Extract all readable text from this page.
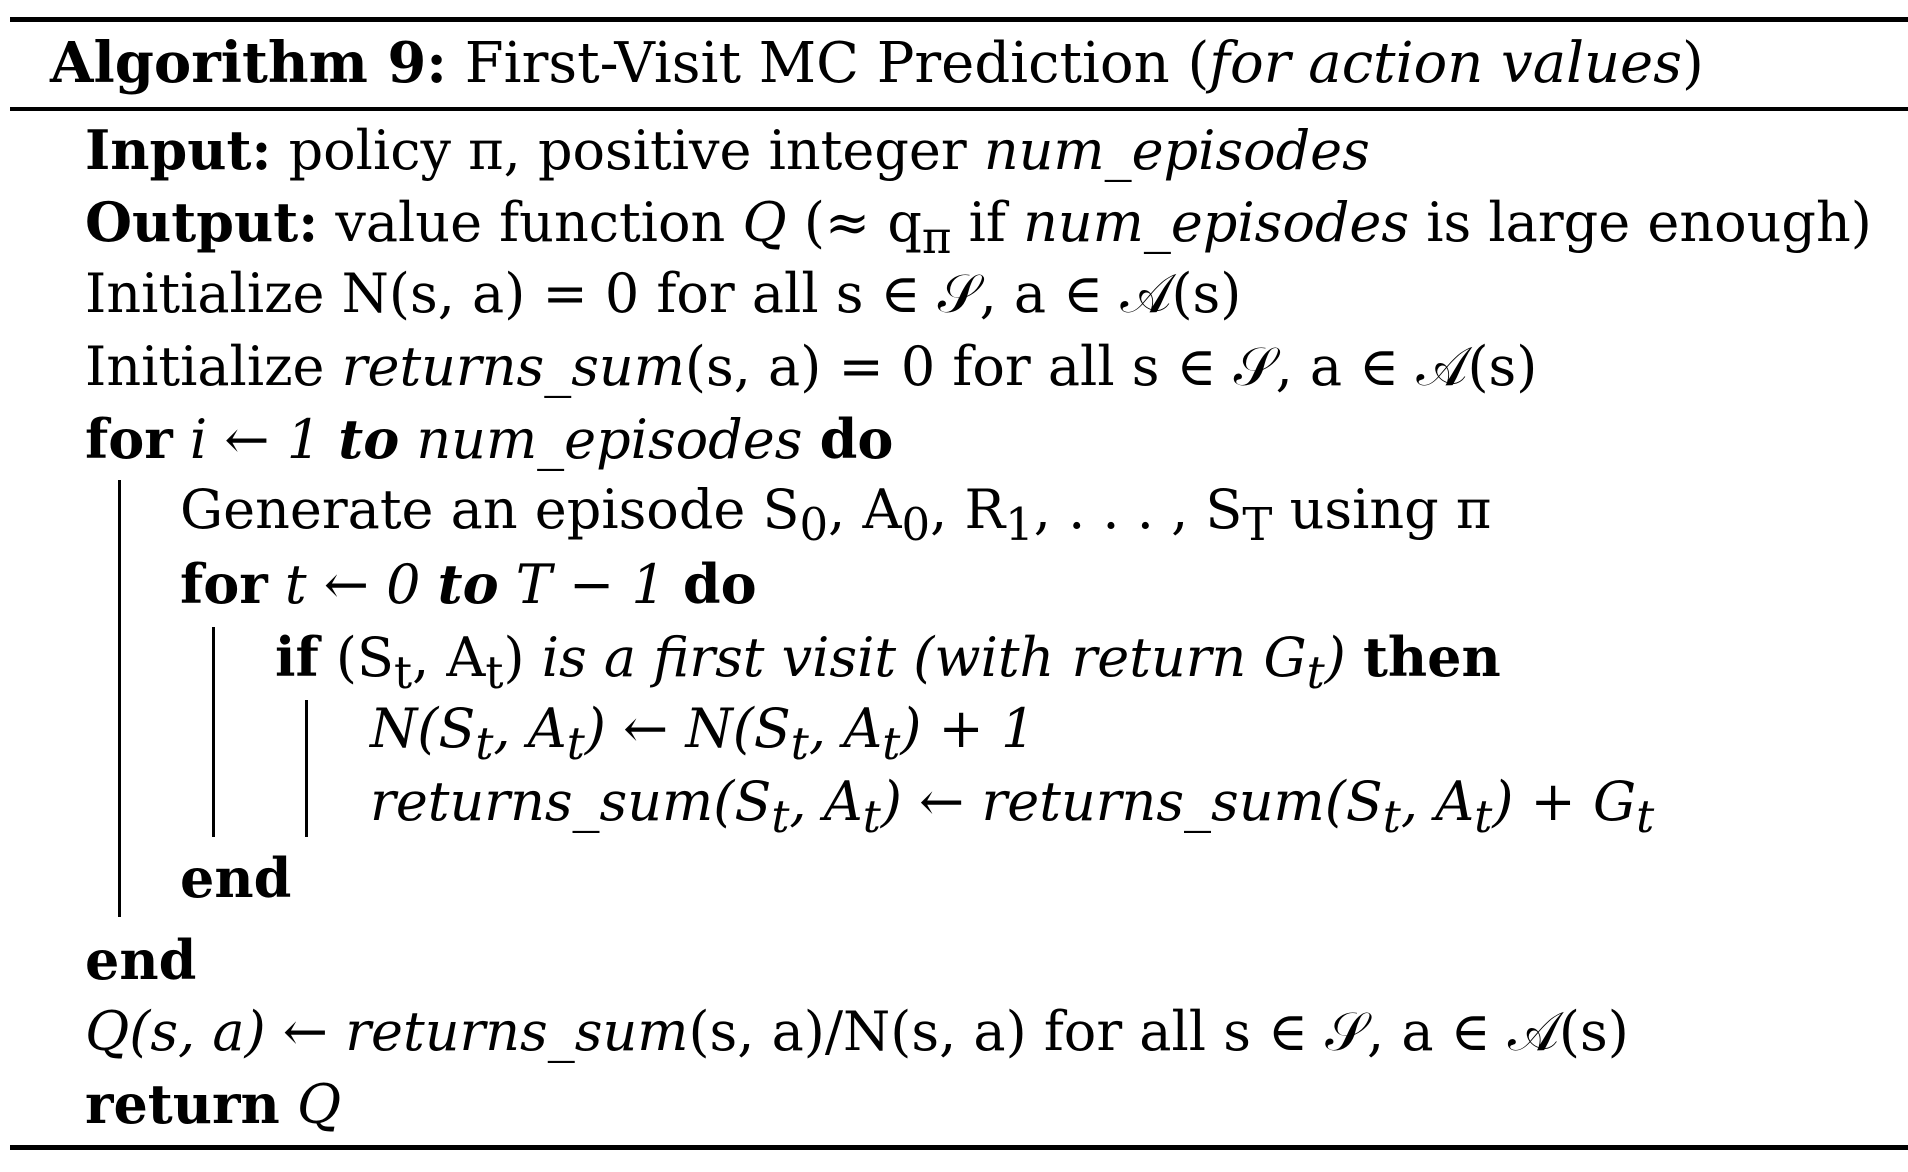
Algorithm 9: First-Visit MC Prediction (for action values)
Input: policy π, positive integer num_episodes
Output: value function Q (≈ $q_\pi$ if num_episodes is large enough)
Initialize N(s, a) = 0 for all s ∈ 𝒮, a ∈ 𝒜(s)
Initialize returns_sum(s, a) = 0 for all s ∈ 𝒮, a ∈ 𝒜(s)
for i ← 1 to num_episodes do
Generate an episode $S_0$, $A_0$, $R_1$, . . . , $S_T$ using π
for t ← 0 to T − 1 do
if ($S_t$, $A_t$) is a first visit (with return $G_t$) then
$N(S_t$, $A_t$) ← $N(S_t$, $A_t) + 1$
$returns\_sum(S_t$, $A_t$) ← $returns\_sum(S_t$, $A_t) + G_t$
end
end
Q(s, a) ← returns_sum(s, a)/N(s, a) for all s ∈ 𝒮, a ∈ 𝒜(s)
return Q
